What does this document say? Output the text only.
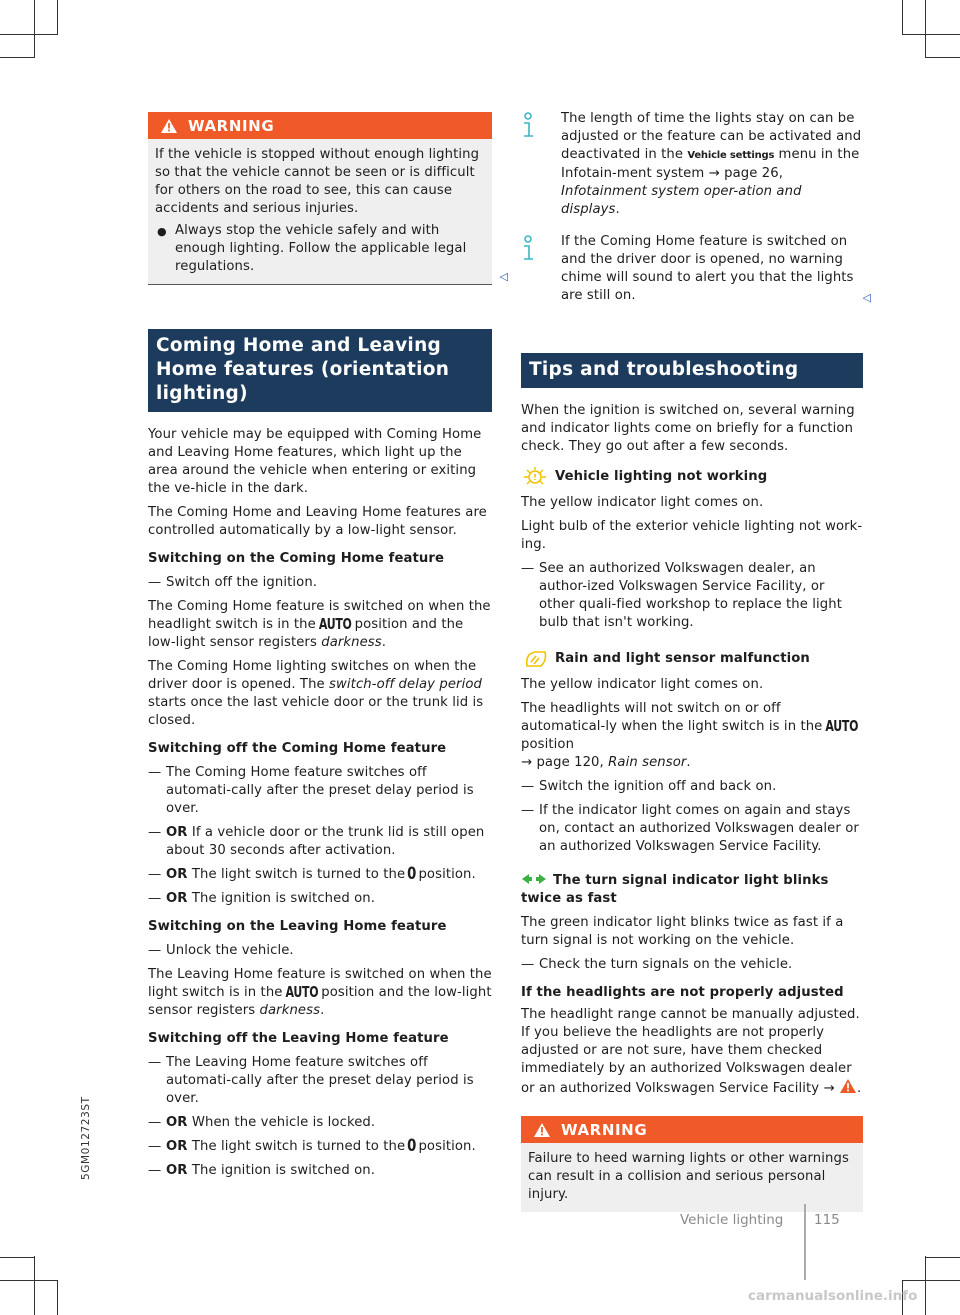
WARNING

If the vehicle is stopped without enough lighting so that the vehicle cannot be seen or is difficult for others on the road to see, this can cause accidents and serious injuries.

● Always stop the vehicle safely and with enough lighting. Follow the applicable legal regulations.
◁
Coming Home and Leaving Home features (orientation lighting)

Your vehicle may be equipped with Coming Home and Leaving Home features, which light up the area around the vehicle when entering or exiting the ve-hicle in the dark.

The Coming Home and Leaving Home features are controlled automatically by a low-light sensor.

Switching on the Coming Home feature
— Switch off the ignition.

The Coming Home feature is switched on when the headlight switch is in the AUTO position and the low-light sensor registers darkness.

The Coming Home lighting switches on when the driver door is opened. The switch-off delay period starts once the last vehicle door or the trunk lid is closed.

Switching off the Coming Home feature
— The Coming Home feature switches off automati-cally after the preset delay period is over.
— OR If a vehicle door or the trunk lid is still open about 30 seconds after activation.
— OR The light switch is turned to the 0 position.
— OR The ignition is switched on.
Switching on the Leaving Home feature
— Unlock the vehicle.

The Leaving Home feature is switched on when the light switch is in the AUTO position and the low-light sensor registers darkness.

Switching off the Leaving Home feature
— The Leaving Home feature switches off automati-cally after the preset delay period is over.
— OR When the vehicle is locked.
— OR The light switch is turned to the 0 position.
— OR The ignition is switched on.
The length of time the lights stay on can be adjusted or the feature can be activated and deactivated in the Vehicle settings menu in the Infotain-ment system → page 26, Infotainment system oper-ation and displays.
If the Coming Home feature is switched on and the driver door is opened, no warning chime will sound to alert you that the lights are still on.	◁
Tips and troubleshooting

When the ignition is switched on, several warning and indicator lights come on briefly for a function check. They go out after a few seconds.

Vehicle lighting not working

The yellow indicator light comes on.

Light bulb of the exterior vehicle lighting not work-ing.

— See an authorized Volkswagen dealer, an author-ized Volkswagen Service Facility, or other quali-fied workshop to replace the light bulb that isn't working.
Rain and light sensor malfunction

The yellow indicator light comes on.

The headlights will not switch on or off automatical-ly when the light switch is in the AUTOposition
→ page 120, Rain sensor.

— Switch the ignition off and back on.
— If the indicator light comes on again and stays on, contact an authorized Volkswagen dealer or an authorized Volkswagen Service Facility.
The turn signal indicator light blinks twice as fast

The green indicator light blinks twice as fast if a turn signal is not working on the vehicle.

— Check the turn signals on the vehicle.
If the headlights are not properly adjusted

The headlight range cannot be manually adjusted. If you believe the headlights are not properly adjusted or are not sure, have them checked immediately by an authorized Volkswagen dealer or an authorized Volkswagen Service Facility → .

WARNING

Failure to heed warning lights or other warnings can result in a collision and serious personal injury.

Vehicle lighting 115
5GM012723ST
carmanualsonline.info
